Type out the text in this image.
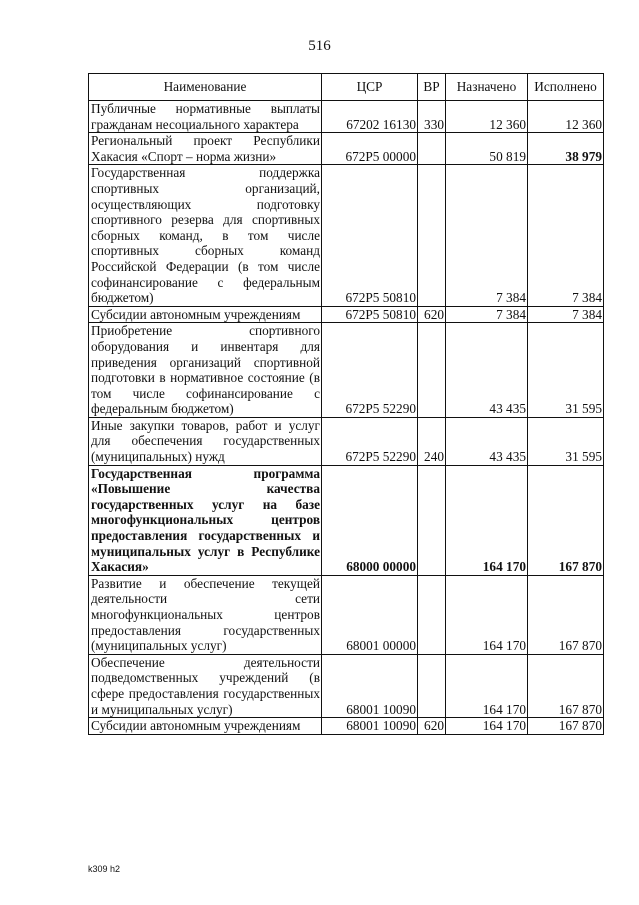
516
Наименование	ЦСР	ВР	Назначено	Исполнено
Публичные нормативные выплаты гражданам несоциального характера	67202 16130	330	12 360	12 360
Региональный проект Республики Хакасия «Спорт – норма жизни»	672P5 00000		50 819	38 979
Государственная поддержка спортивных организаций, осуществляющих подготовку спортивного резерва для спортивных сборных команд, в том числе спортивных сборных команд Российской Федерации (в том числе софинансирование с федеральным бюджетом)	672P5 50810		7 384	7 384
Субсидии автономным учреждениям	672P5 50810	620	7 384	7 384
Приобретение спортивного оборудования и инвентаря для приведения организаций спортивной подготовки в нормативное состояние (в том числе софинансирование с федеральным бюджетом)	672P5 52290		43 435	31 595
Иные закупки товаров, работ и услуг для обеспечения государственных (муниципальных) нужд	672P5 52290	240	43 435	31 595
Государственная программа «Повышение качества государственных услуг на базе многофункциональных центров предоставления государственных и муниципальных услуг в Республике Хакасия»	68000 00000		164 170	167 870
Развитие и обеспечение текущей деятельности сети многофункциональных центров предоставления государственных (муниципальных услуг)	68001 00000		164 170	167 870
Обеспечение деятельности подведомственных учреждений (в сфере предоставления государственных и муниципальных услуг)	68001 10090		164 170	167 870
Субсидии автономным учреждениям	68001 10090	620	164 170	167 870
k309 h2
